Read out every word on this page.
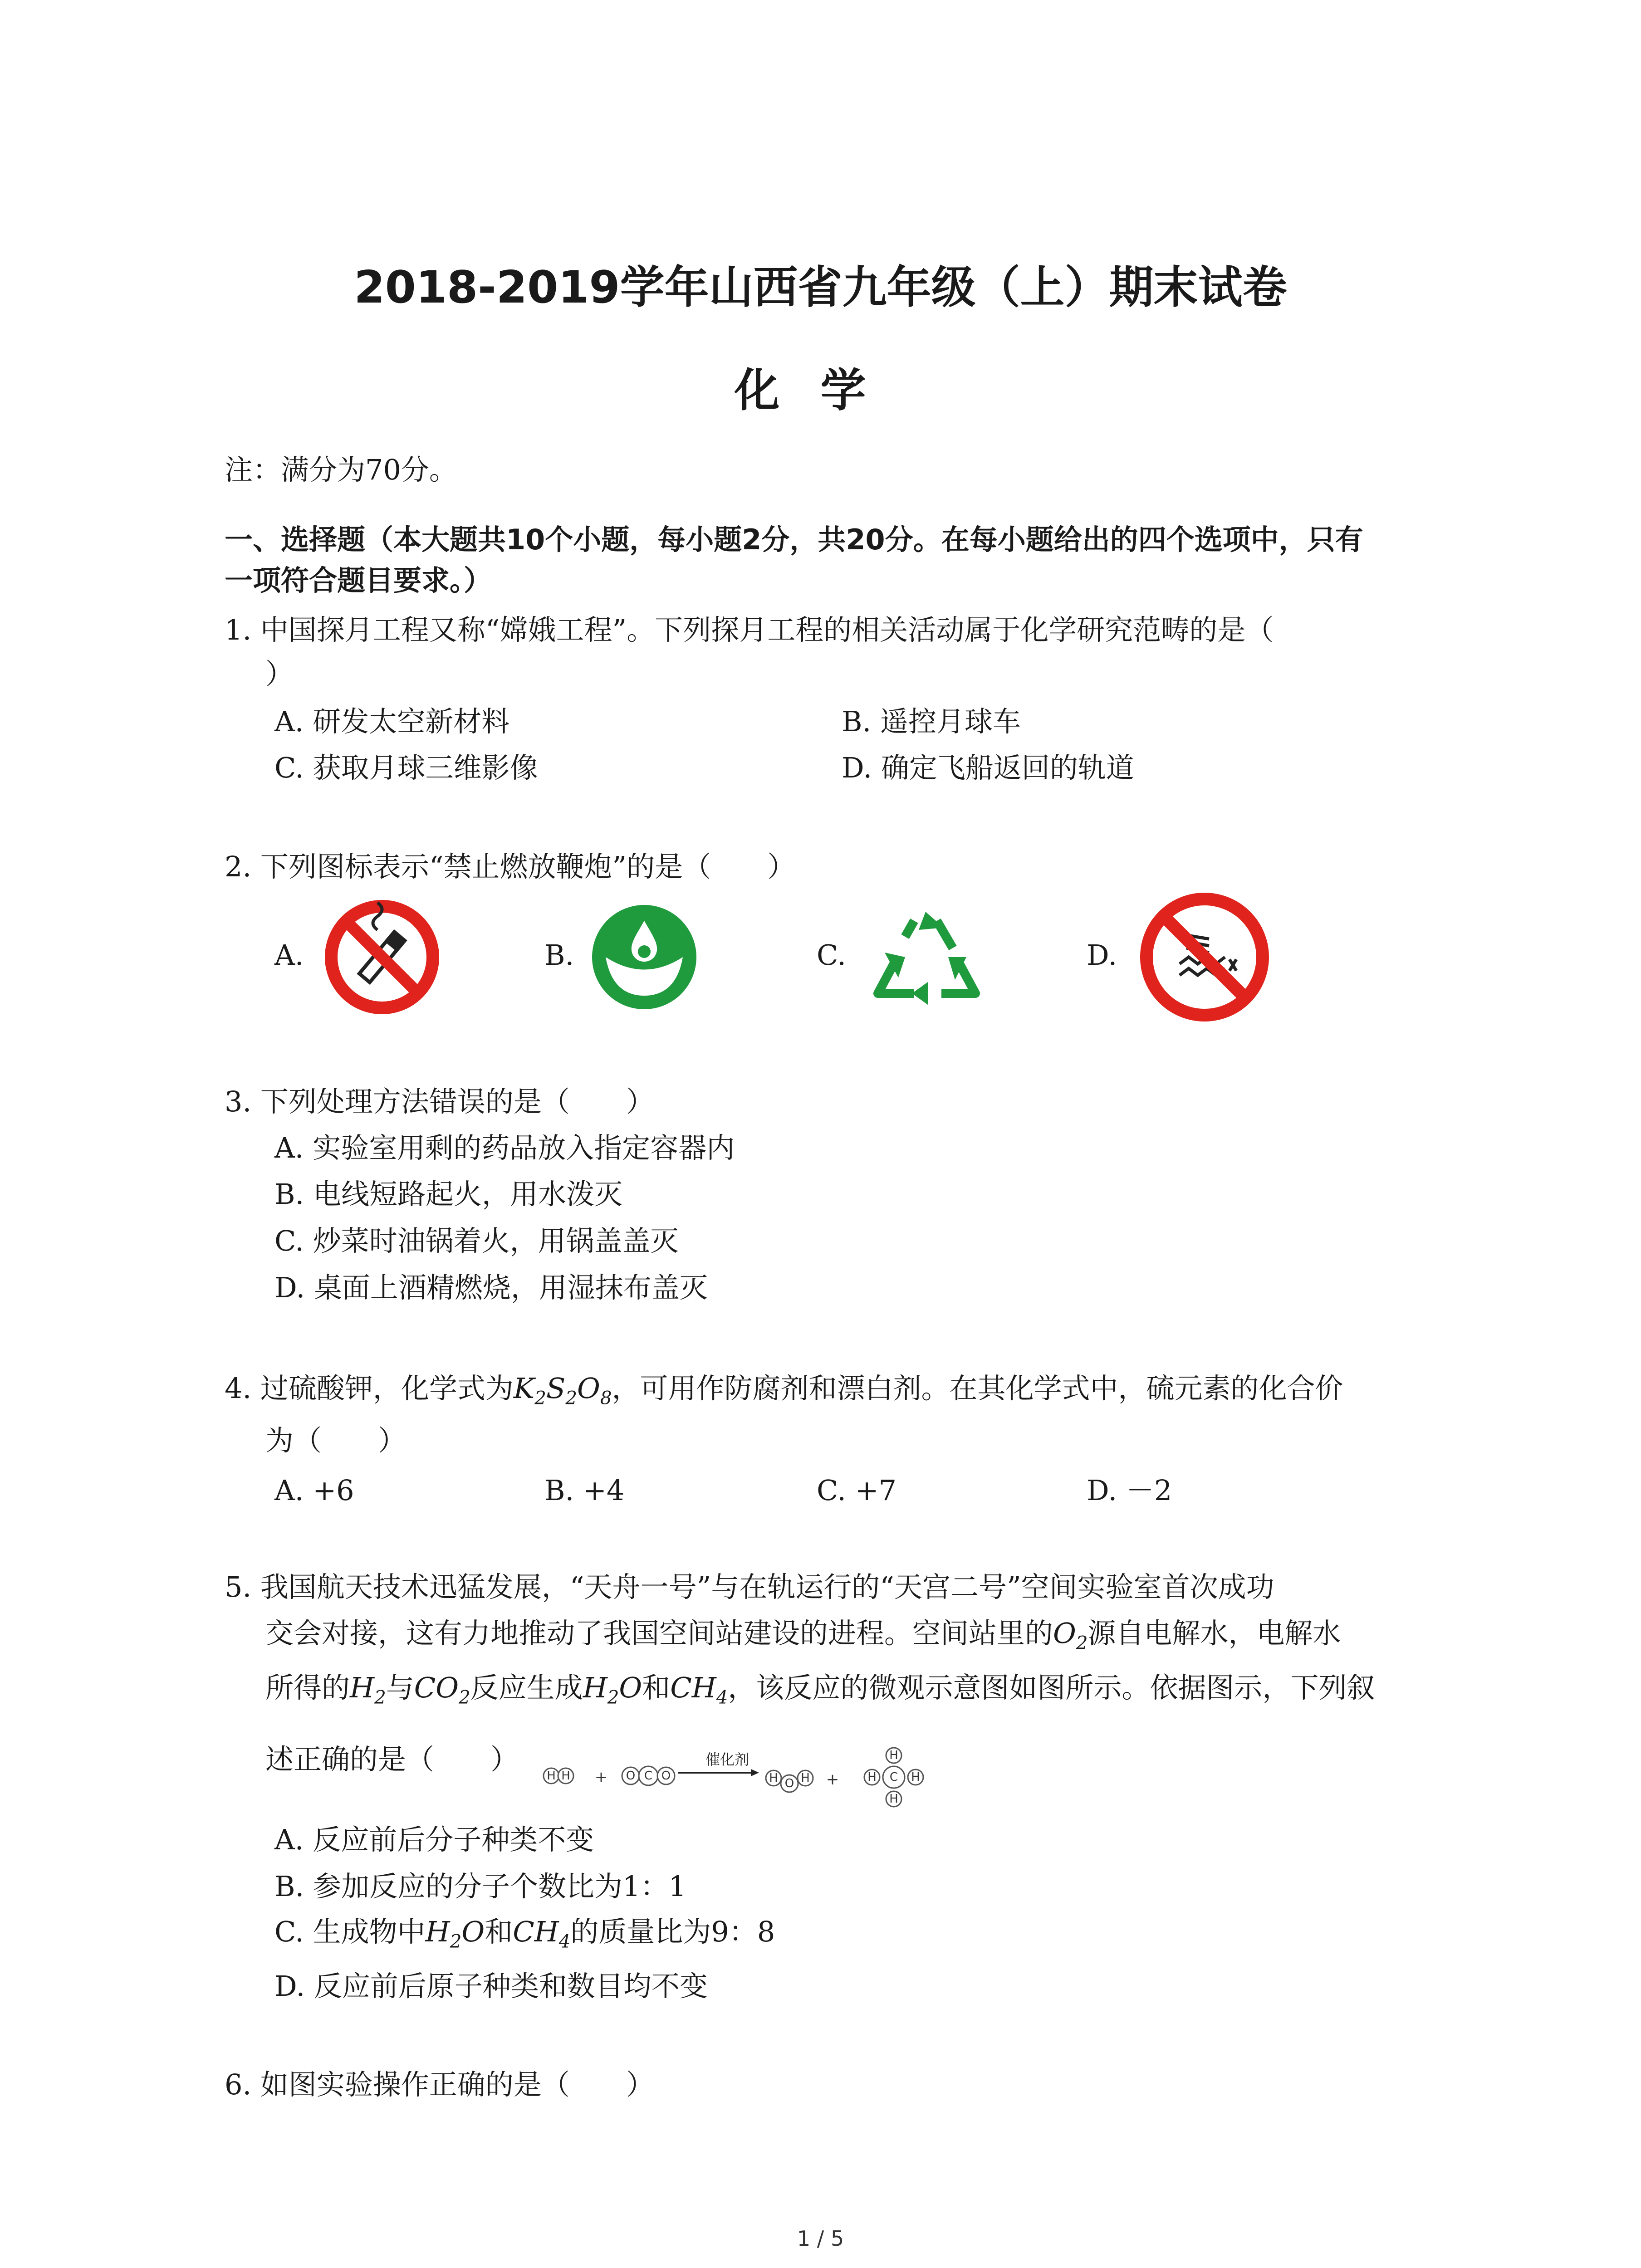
2018-2019学年山西省九年级（上）期末试卷
化学
注：满分为70分。
一、选择题（本大题共10个小题，每小题2分，共20分。在每小题给出的四个选项中，只有
一项符合题目要求。）
1. 中国探月工程又称“嫦娥工程”。下列探月工程的相关活动属于化学研究范畴的是（
）
A. 研发太空新材料	B. 遥控月球车
C. 获取月球三维影像	D. 确定飞船返回的轨道
2. 下列图标表示“禁止燃放鞭炮”的是（　　）
A.	B.	C.	D.
3. 下列处理方法错误的是（　　）
A. 实验室用剩的药品放入指定容器内
B. 电线短路起火，用水泼灭
C. 炒菜时油锅着火，用锅盖盖灭
D. 桌面上酒精燃烧，用湿抹布盖灭
4. 过硫酸钾，化学式为$K_2S_2O_8$，可用作防腐剂和漂白剂。在其化学式中，硫元素的化合价
为（　　）
A. +6	B. +4	C. +7	D. －2
5. 我国航天技术迅猛发展，“天舟一号”与在轨运行的“天宫二号”空间实验室首次成功
交会对接，这有力地推动了我国空间站建设的进程。空间站里的$O_2$源自电解水，电解水
所得的$H_2$与$CO_2$反应生成$H_2O$和$CH_4$，该反应的微观示意图如图所示。依据图示，下列叙
述正确的是（　　） H H + O C O
催化剂
H O H +	C
H
H
H	H
A. 反应前后分子种类不变
B. 参加反应的分子个数比为1：1
C. 生成物中$H_2O$和$CH_4$的质量比为9：8
D. 反应前后原子种类和数目均不变
6. 如图实验操作正确的是（　　）
1 / 5
